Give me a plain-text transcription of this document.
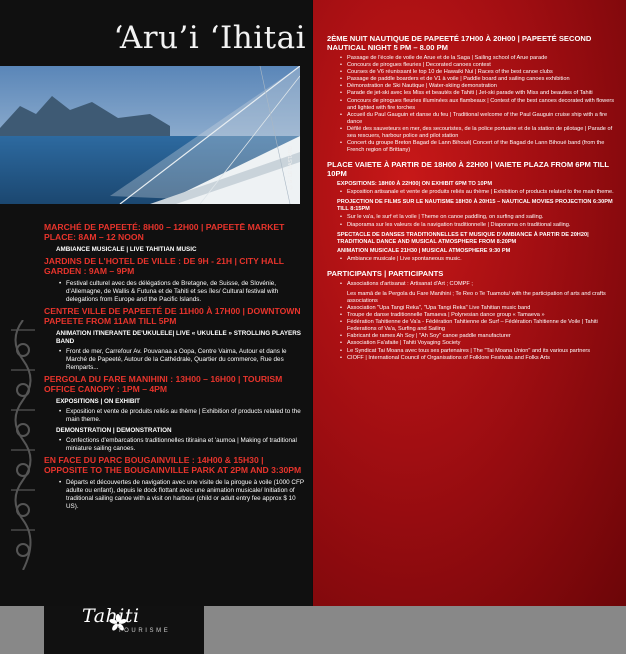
‘Aru’i ‘Ihitai
©G. LE BASTARD
MARCHÉ DE PAPEETÉ: 8H00 – 12H00 | PAPEETĒ MARKET PLACE: 8AM – 12 NOON
AMBIANCE MUSICALE | LIVE TAHITIAN MUSIC
JARDINS DE L'HOTEL DE VILLE : DE 9H - 21H | CITY HALL GARDEN : 9AM – 9PM
• Festival culturel avec des délégations de Bretagne, de Suisse, de Slovénie, d'Allemagne, de Wallis & Futuna et de Tahiti et ses îles/ Cultural festival with delegations from Europe and the Pacific Islands.
CENTRE VILLE DE PAPEETÉ DE 11H00 À 17H00 | DOWNTOWN PAPEETE FROM 11AM TILL 5PM
ANIMATION ITINERANTE DE'UKULELE| LIVE « UKULELE » STROLLING PLAYERS BAND
• Front de mer, Carrefour Av. Pouvanaa a Oopa, Centre Vaima, Autour et dans le Marché de Papeeté, Autour de la Cathédrale, Quartier du commerce, Rue des Remparts...
PERGOLA DU FARE MANIHINI : 13H00 – 16H00 | TOURISM OFFICE CANOPY : 1PM – 4PM
EXPOSITIONS | ON EXHIBIT
• Exposition et vente de produits reliés au thème | Exhibition of products related to the main theme.
DEMONSTRATION | DEMONSTRATION
• Confections d'embarcations traditionnelles titiraina et 'aumoa | Making of traditional miniature sailing canoes.
EN FACE DU PARC BOUGAINVILLE : 14H00 & 15H30 | OPPOSITE TO THE BOUGAINVILLE PARK AT 2PM AND 3:30PM
• Départs et découvertes de navigation avec une visite de la pirogue à voile (1000 CFP adulte ou enfant), depuis le dock flottant avec une animation musicale/ Initiation of traditional sailing canoe with a visit on harbour (child or adult entry fee approx $ 10 US).
2ÈME NUIT NAUTIQUE DE PAPEETÉ 17H00 À 20H00 | PAPEETÉ SECOND NAUTICAL NIGHT 5 PM – 8.00 PM
• Passage de l'école de voile de Arue et de la Saga | Sailing school of Arue parade
• Concours de pirogues fleuries | Decorated canoes contest
• Courses de V6 réunissant le top 10 de Hawaiki Nui | Races of the best canoe clubs
• Passage de paddle boarders et de V1 à voile | Paddle board and sailing canoes exhibition
• Démonstration de Ski Nautique | Water-skiing demonstration
• Parade de jet-ski avec les Miss et beautés de Tahiti | Jet-ski parade with Miss and beauties of Tahiti
• Concours de pirogues fleuries illuminées aux flambeaux | Contest of the best canoes decorated with flowers and lighted with fire torches
• Accueil du Paul Gauguin et danse du feu | Traditional welcome of the Paul Gauguin cruise ship with a fire dance
• Défilé des sauveteurs en mer, des secouristes, de la police portuaire et de la station de pilotage | Parade of sea rescuers, harbour police and pilot station
• Concert du groupe Breton Bagad de Lann Bihoué| Concert of the Bagad de Lann Bihoué band (from the French region of Brittany)
PLACE VAIETE À PARTIR DE 18H00 À 22H00 | VAIETE PLAZA FROM 6PM TILL 10PM
EXPOSITIONS: 18H00 À 22H00| ON EXHIBIT 6PM TO 10PM
• Exposition artisanale et vente de produits reliés au thème | Exhibition of products related to the main theme.
PROJECTION DE FILMS SUR LE NAUTISME 18H30 À 20H15 – NAUTICAL MOVIES PROJECTION 6:30PM TILL 8:15PM
• Sur le va'a, le surf et la voile | Theme on canoe paddling, on surfing and sailing.
• Diaporama sur les valeurs de la navigation traditionnelle | Diaporama on traditional sailing.
SPECTACLE DE DANSES TRADITIONNELLES ET MUSIQUE D'AMBIANCE À PARTIR DE 20H20| TRADITIONAL DANCE AND MUSICAL ATMOSPHERE FROM 8:20PM
ANIMATION MUSICALE 21H30 | MUSICAL ATMOSPHERE 9:30 PM
• Ambiance musicale | Live spontaneous music.
PARTICIPANTS | PARTICIPANTS
• Associations d'artisanat : Artisanat d'Art ; COMPF ;
Les mamā de la Pergola du Fare Manihini ; Te Reo o Te Tuamotu/ with the participation of arts and crafts associations
• Association "Upa Tangi Reka", "Upa Tangi Reka" Live Tahitian music band
• Troupe de danse traditionnelle Tamaeva | Polynesian dance group « Tamaeva »
• Fédération Tahitienne de Va'a - Fédération Tahitienne de Surf – Fédération Tahitienne de Voile | Tahiti Federations of Va'a, Surfing and Sailing
• Fabricant de rames Ah Soy | "Ah Soy" canoe paddle manufacturer
• Association Fa'afaite | Tahiti Voyaging Society
• Le Syndicat Tai Moana avec tous ses partenaires | The "Tai Moana Union" and its various partners
• CIOFF | International Council of Organisations of Folklore Festivals and Folks Arts
Tahiti
TOURISME
